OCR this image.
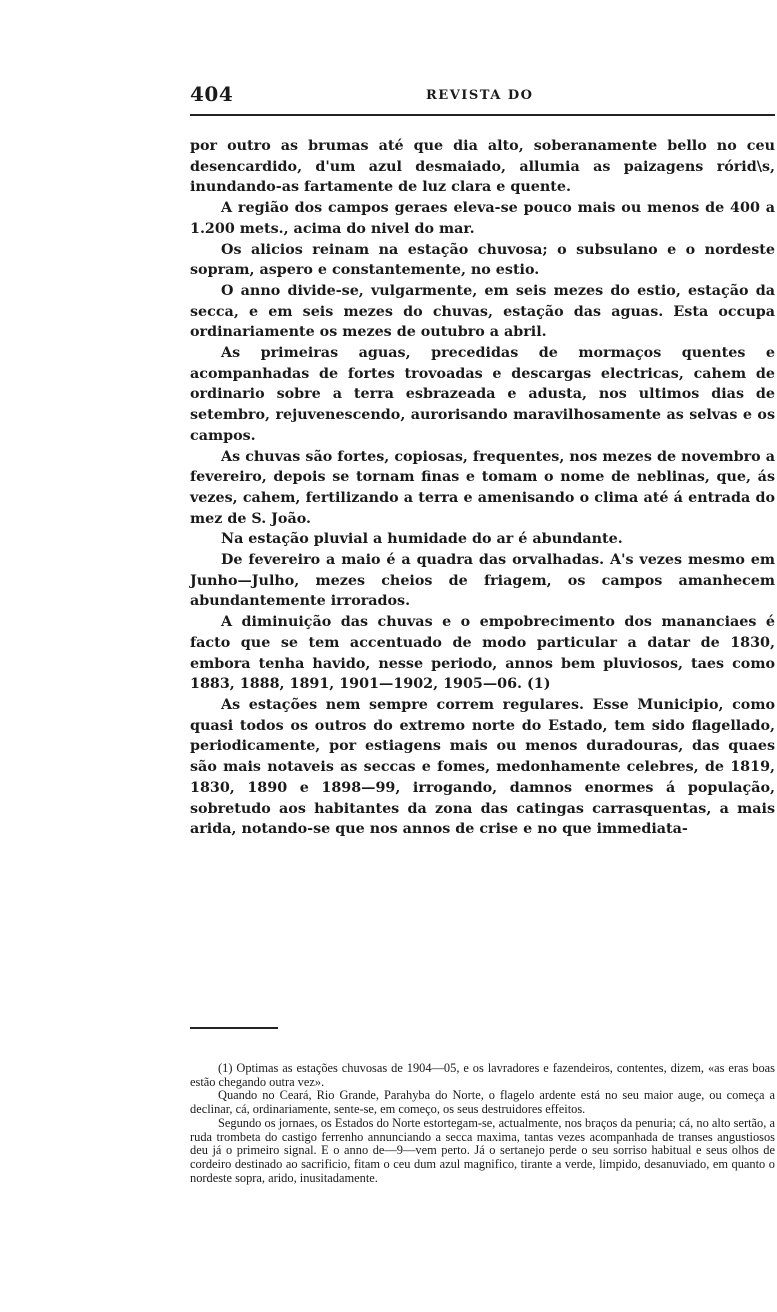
404	REVISTA DO

por outro as brumas até que dia alto, soberanamente bello no ceu desencardido, d'um azul desmaiado, allumia as paizagens rórid\s, inundando-as fartamente de luz clara e quente.

A região dos campos geraes eleva-se pouco mais ou menos de 400 a 1.200 mets., acima do nivel do mar.

Os alicios reinam na estação chuvosa; o subsulano e o nordeste sopram, aspero e constantemente, no estio.

O anno divide-se, vulgarmente, em seis mezes do estio, estação da secca, e em seis mezes do chuvas, estação das aguas. Esta occupa ordinariamente os mezes de outubro a abril.

As primeiras aguas, precedidas de mormaços quentes e acompanhadas de fortes trovoadas e descargas electricas, cahem de ordinario sobre a terra esbrazeada e adusta, nos ultimos dias de setembro, rejuvenescendo, aurorisando maravilhosamente as selvas e os campos.

As chuvas são fortes, copiosas, frequentes, nos mezes de novembro a fevereiro, depois se tornam finas e tomam o nome de neblinas, que, ás vezes, cahem, fertilizando a terra e amenisando o clima até á entrada do mez de S. João.

Na estação pluvial a humidade do ar é abundante.

De fevereiro a maio é a quadra das orvalhadas. A's vezes mesmo em Junho—Julho, mezes cheios de friagem, os campos amanhecem abundantemente irrorados.

A diminuição das chuvas e o empobrecimento dos mananciaes é facto que se tem accentuado de modo particular a datar de 1830, embora tenha havido, nesse periodo, annos bem pluviosos, taes como 1883, 1888, 1891, 1901—1902, 1905—06. (1)

As estações nem sempre correm regulares. Esse Municipio, como quasi todos os outros do extremo norte do Estado, tem sido flagellado, periodicamente, por estiagens mais ou menos duradouras, das quaes são mais notaveis as seccas e fomes, medonhamente celebres, de 1819, 1830, 1890 e 1898—99, irrogando, damnos enormes á população, sobretudo aos habitantes da zona das catingas carrasquentas, a mais arida, notando-se que nos annos de crise e no que immediata-

(1) Optimas as estações chuvosas de 1904—05, e os lavradores e fazendeiros, contentes, dizem, «as eras boas estão chegando outra vez».

Quando no Ceará, Rio Grande, Parahyba do Norte, o flagelo ardente está no seu maior auge, ou começa a declinar, cá, ordinariamente, sente-se, em começo, os seus destruidores effeitos.

Segundo os jornaes, os Estados do Norte estortegam-se, actualmente, nos braços da penuria; cá, no alto sertão, a ruda trombeta do castigo ferrenho annunciando a secca maxima, tantas vezes acompanhada de transes angustiosos deu já o primeiro signal. E o anno de—9—vem perto. Já o sertanejo perde o seu sorriso habitual e seus olhos de cordeiro destinado ao sacrificio, fitam o ceu dum azul magnifico, tirante a verde, limpido, desanuviado, em quanto o nordeste sopra, arido, inusitadamente.
